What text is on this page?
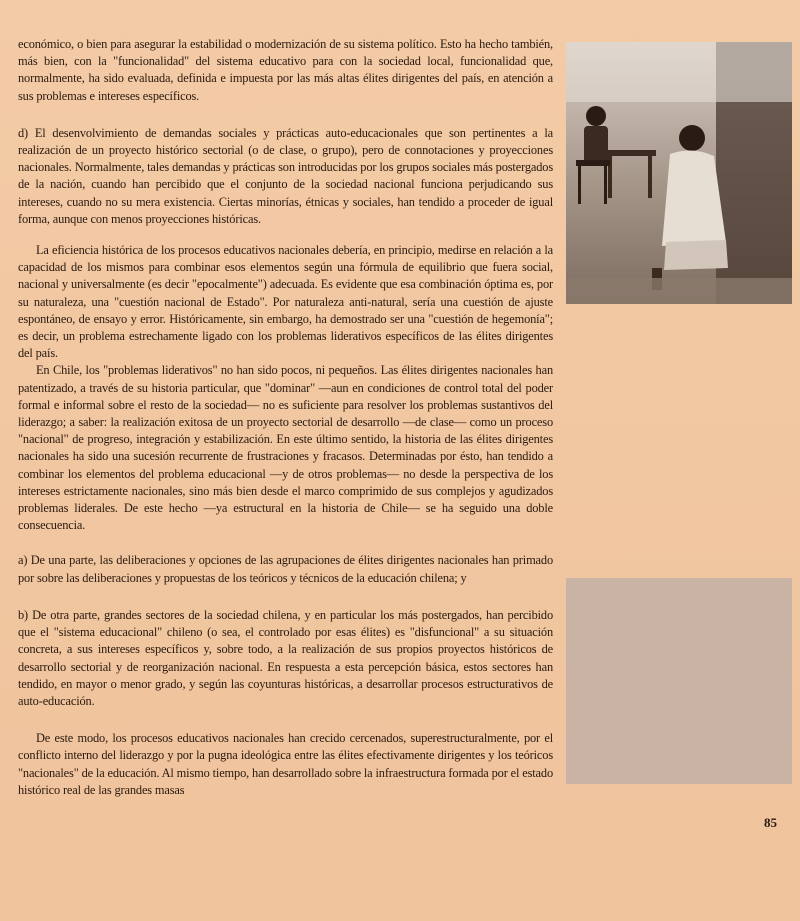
económico, o bien para asegurar la estabilidad o modernización de su sistema político. Esto ha hecho también, más bien, con la "funcionalidad" del sistema educativo para con la sociedad local, funcionalidad que, normalmente, ha sido evaluada, definida e impuesta por las más altas élites dirigentes del país, en atención a sus problemas e intereses específicos.

d) El desenvolvimiento de demandas sociales y prácticas auto-educacionales que son pertinentes a la realización de un proyecto histórico sectorial (o de clase, o grupo), pero de connotaciones y proyecciones nacionales. Normalmente, tales demandas y prácticas son introducidas por los grupos sociales más postergados de la nación, cuando han percibido que el conjunto de la sociedad nacional funciona perjudicando sus intereses, cuando no su mera existencia. Ciertas minorías, étnicas y sociales, han tendido a proceder de igual forma, aunque con menos proyecciones históricas.

La eficiencia histórica de los procesos educativos nacionales debería, en principio, medirse en relación a la capacidad de los mismos para combinar esos elementos según una fórmula de equilibrio que fuera social, nacional y universalmente (es decir "epocalmente") adecuada. Es evidente que esa combinación óptima es, por su naturaleza, una "cuestión nacional de Estado". Por naturaleza anti-natural, sería una cuestión de ajuste espontáneo, de ensayo y error. Históricamente, sin embargo, ha demostrado ser una "cuestión de hegemonía"; es decir, un problema estrechamente ligado con los problemas liderativos específicos de las élites dirigentes del país.

En Chile, los "problemas liderativos" no han sido pocos, ni pequeños. Las élites dirigentes nacionales han patentizado, a través de su historia particular, que "dominar" —aun en condiciones de control total del poder formal e informal sobre el resto de la sociedad— no es suficiente para resolver los problemas sustantivos del liderazgo; a saber: la realización exitosa de un proyecto sectorial de desarrollo —de clase— como un proceso "nacional" de progreso, integración y estabilización. En este último sentido, la historia de las élites dirigentes nacionales ha sido una sucesión recurrente de frustraciones y fracasos. Determinadas por ésto, han tendido a combinar los elementos del problema educacional —y de otros problemas— no desde la perspectiva de los intereses estrictamente nacionales, sino más bien desde el marco comprimido de sus complejos y agudizados problemas liderales. De este hecho —ya estructural en la historia de Chile— se ha seguido una doble consecuencia.

a) De una parte, las deliberaciones y opciones de las agrupaciones de élites dirigentes nacionales han primado por sobre las deliberaciones y propuestas de los teóricos y técnicos de la educación chilena; y

b) De otra parte, grandes sectores de la sociedad chilena, y en particular los más postergados, han percibido que el "sistema educacional" chileno (o sea, el controlado por esas élites) es "disfuncional" a su situación concreta, a sus intereses específicos y, sobre todo, a la realización de sus propios proyectos históricos de desarrollo sectorial y de reorganización nacional. En respuesta a esta percepción básica, estos sectores han tendido, en mayor o menor grado, y según las coyunturas históricas, a desarrollar procesos estructurativos de auto-educación.

De este modo, los procesos educativos nacionales han crecido cercenados, superestructuralmente, por el conflicto interno del liderazgo y por la pugna ideológica entre las élites efectivamente dirigentes y los teóricos "nacionales" de la educación. Al mismo tiempo, han desarrollado sobre la infraestructura formada por el estado histórico real de las grandes masas

85
